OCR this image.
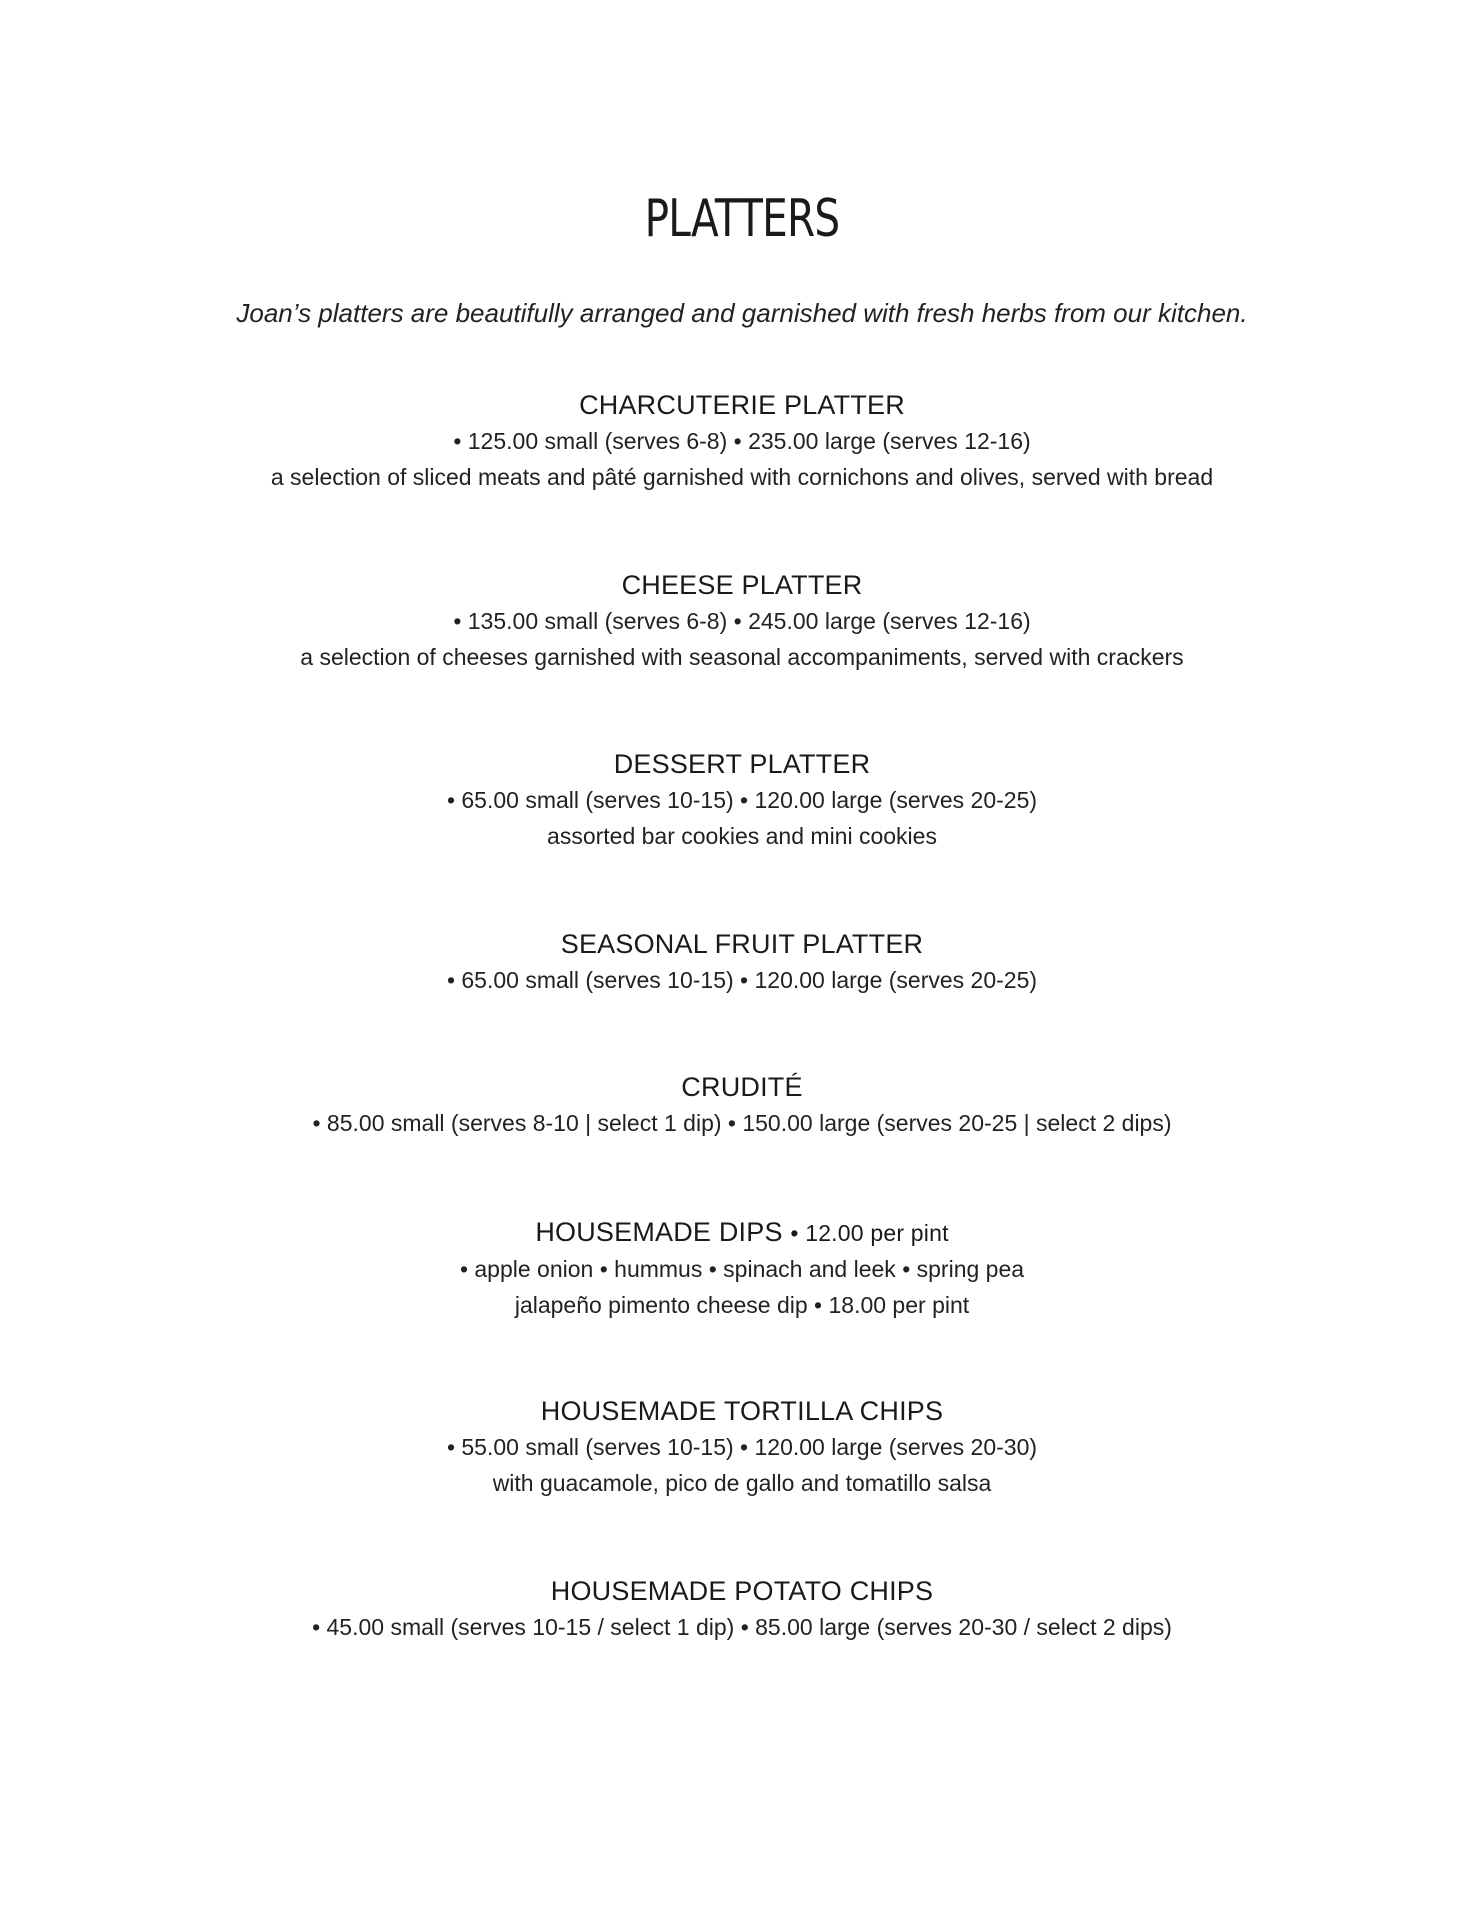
PLATTERS

Joan’s platters are beautifully arranged and garnished with fresh herbs from our kitchen.

CHARCUTERIE PLATTER
• 125.00 small (serves 6-8) • 235.00 large (serves 12-16)
a selection of sliced meats and pâté garnished with cornichons and olives, served with bread
CHEESE PLATTER
• 135.00 small (serves 6-8) • 245.00 large (serves 12-16)
a selection of cheeses garnished with seasonal accompaniments, served with crackers
DESSERT PLATTER
• 65.00 small (serves 10-15) • 120.00 large (serves 20-25)
assorted bar cookies and mini cookies
SEASONAL FRUIT PLATTER
• 65.00 small (serves 10-15) • 120.00 large (serves 20-25)
CRUDITÉ
• 85.00 small (serves 8-10 | select 1 dip) • 150.00 large (serves 20-25 | select 2 dips)
HOUSEMADE DIPS • 12.00 per pint
• apple onion • hummus • spinach and leek • spring pea
jalapeño pimento cheese dip • 18.00 per pint
HOUSEMADE TORTILLA CHIPS
• 55.00 small (serves 10-15) • 120.00 large (serves 20-30)
with guacamole, pico de gallo and tomatillo salsa
HOUSEMADE POTATO CHIPS
• 45.00 small (serves 10-15 / select 1 dip) • 85.00 large (serves 20-30 / select 2 dips)
